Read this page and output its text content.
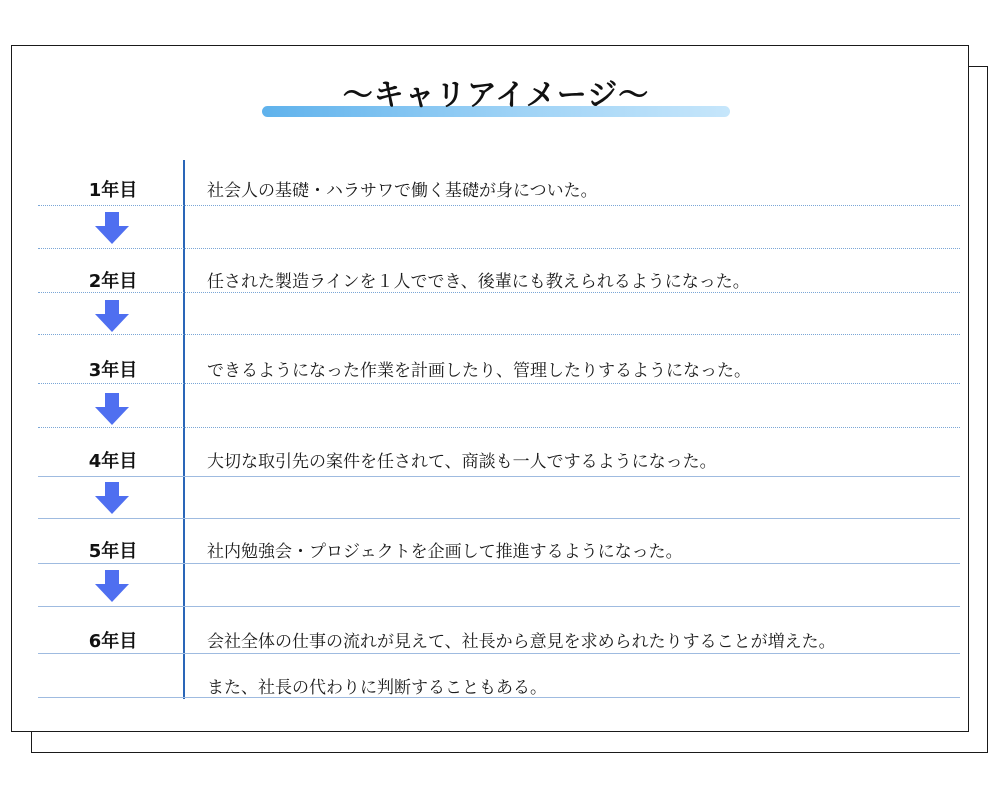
〜キャリアイメージ〜
1年目	社会人の基礎・ハラサワで働く基礎が身についた。
2年目	任された製造ラインを１人ででき、後輩にも教えられるようになった。
3年目	できるようになった作業を計画したり、管理したりするようになった。
4年目	大切な取引先の案件を任されて、商談も一人でするようになった。
5年目	社内勉強会・プロジェクトを企画して推進するようになった。
6年目	会社全体の仕事の流れが見えて、社長から意見を求められたりすることが増えた。
また、社長の代わりに判断することもある。
